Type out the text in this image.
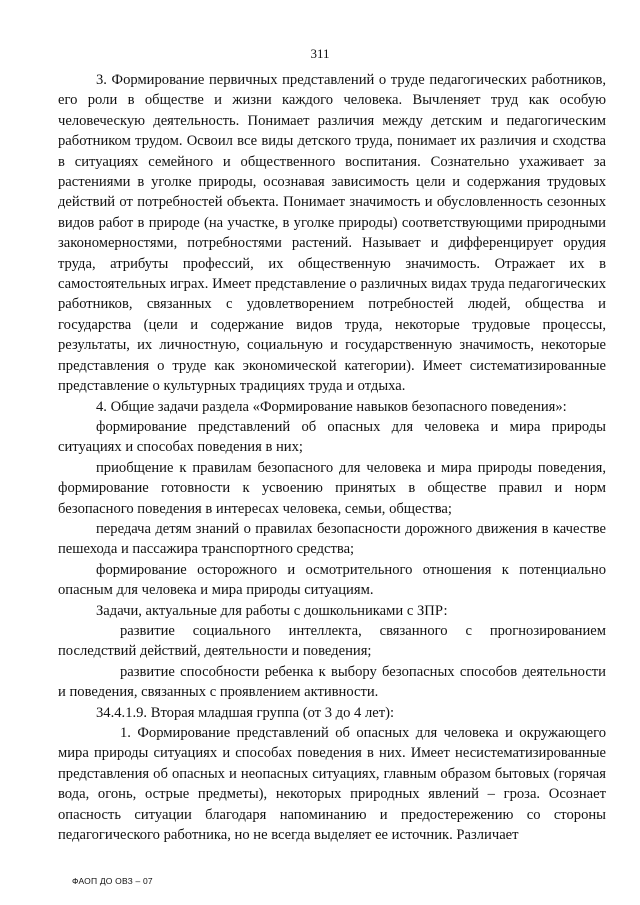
311

3. Формирование первичных представлений о труде педагогических работников, его роли в обществе и жизни каждого человека. Вычленяет труд как особую человеческую деятельность. Понимает различия между детским и педагогическим работником трудом. Освоил все виды детского труда, понимает их различия и сходства в ситуациях семейного и общественного воспитания. Сознательно ухаживает за растениями в уголке природы, осознавая зависимость цели и содержания трудовых действий от потребностей объекта. Понимает значимость и обусловленность сезонных видов работ в природе (на участке, в уголке природы) соответствующими природными закономерностями, потребностями растений. Называет и дифференцирует орудия труда, атрибуты профессий, их общественную значимость. Отражает их в самостоятельных играх. Имеет представление о различных видах труда педагогических работников, связанных с удовлетворением потребностей людей, общества и государства (цели и содержание видов труда, некоторые трудовые процессы, результаты, их личностную, социальную и государственную значимость, некоторые представления о труде как экономической категории). Имеет систематизированные представление о культурных традициях труда и отдыха.

4. Общие задачи раздела «Формирование навыков безопасного поведения»:

формирование представлений об опасных для человека и мира природы ситуациях и способах поведения в них;

приобщение к правилам безопасного для человека и мира природы поведения, формирование готовности к усвоению принятых в обществе правил и норм безопасного поведения в интересах человека, семьи, общества;

передача детям знаний о правилах безопасности дорожного движения в качестве пешехода и пассажира транспортного средства;

формирование осторожного и осмотрительного отношения к потенциально опасным для человека и мира природы ситуациям.

Задачи, актуальные для работы с дошкольниками с ЗПР:

развитие социального интеллекта, связанного с прогнозированием последствий действий, деятельности и поведения;

развитие способности ребенка к выбору безопасных способов деятельности и поведения, связанных с проявлением активности.

34.4.1.9. Вторая младшая группа (от 3 до 4 лет):

1. Формирование представлений об опасных для человека и окружающего мира природы ситуациях и способах поведения в них. Имеет несистематизированные представления об опасных и неопасных ситуациях, главным образом бытовых (горячая вода, огонь, острые предметы), некоторых природных явлений – гроза. Осознает опасность ситуации благодаря напоминанию и предостережению со стороны педагогического работника, но не всегда выделяет ее источник. Различает

ФАОП ДО ОВЗ – 07
